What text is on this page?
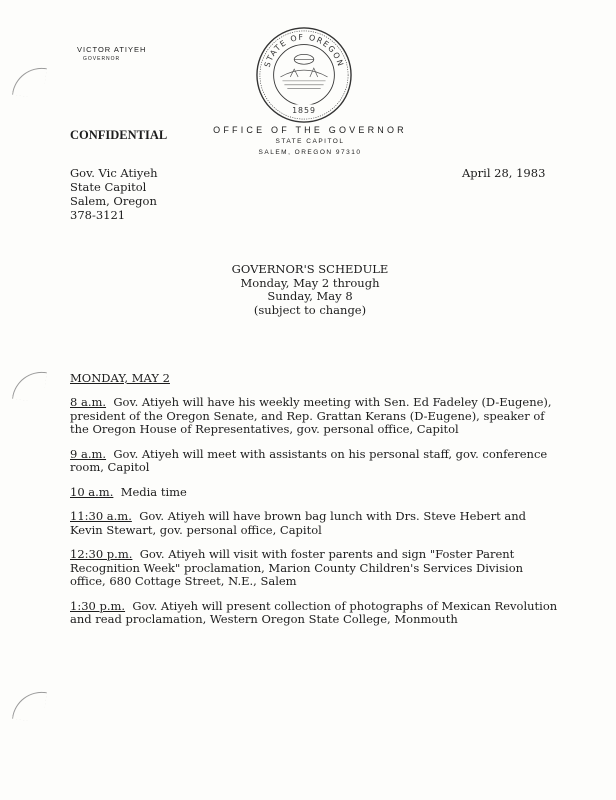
VICTOR ATIYEH
GOVERNOR
STATE OF OREGON
1859
CONFIDENTIAL	OFFICE OF THE GOVERNOR
STATE CAPITOL
SALEM, OREGON 97310
Gov. Vic Atiyeh
State Capitol
Salem, Oregon
378-3121
April 28, 1983
GOVERNOR'S SCHEDULE
Monday, May 2 through
Sunday, May 8
(subject to change)
MONDAY, MAY 2

8 a.m. Gov. Atiyeh will have his weekly meeting with Sen. Ed Fadeley (D-Eugene), president of the Oregon Senate, and Rep. Grattan Kerans (D-Eugene), speaker of the Oregon House of Representatives, gov. personal office, Capitol

9 a.m. Gov. Atiyeh will meet with assistants on his personal staff, gov. conference room, Capitol

10 a.m. Media time

11:30 a.m. Gov. Atiyeh will have brown bag lunch with Drs. Steve Hebert and Kevin Stewart, gov. personal office, Capitol

12:30 p.m. Gov. Atiyeh will visit with foster parents and sign "Foster Parent Recognition Week" proclamation, Marion County Children's Services Division office, 680 Cottage Street, N.E., Salem

1:30 p.m. Gov. Atiyeh will present collection of photographs of Mexican Revolution and read proclamation, Western Oregon State College, Monmouth
